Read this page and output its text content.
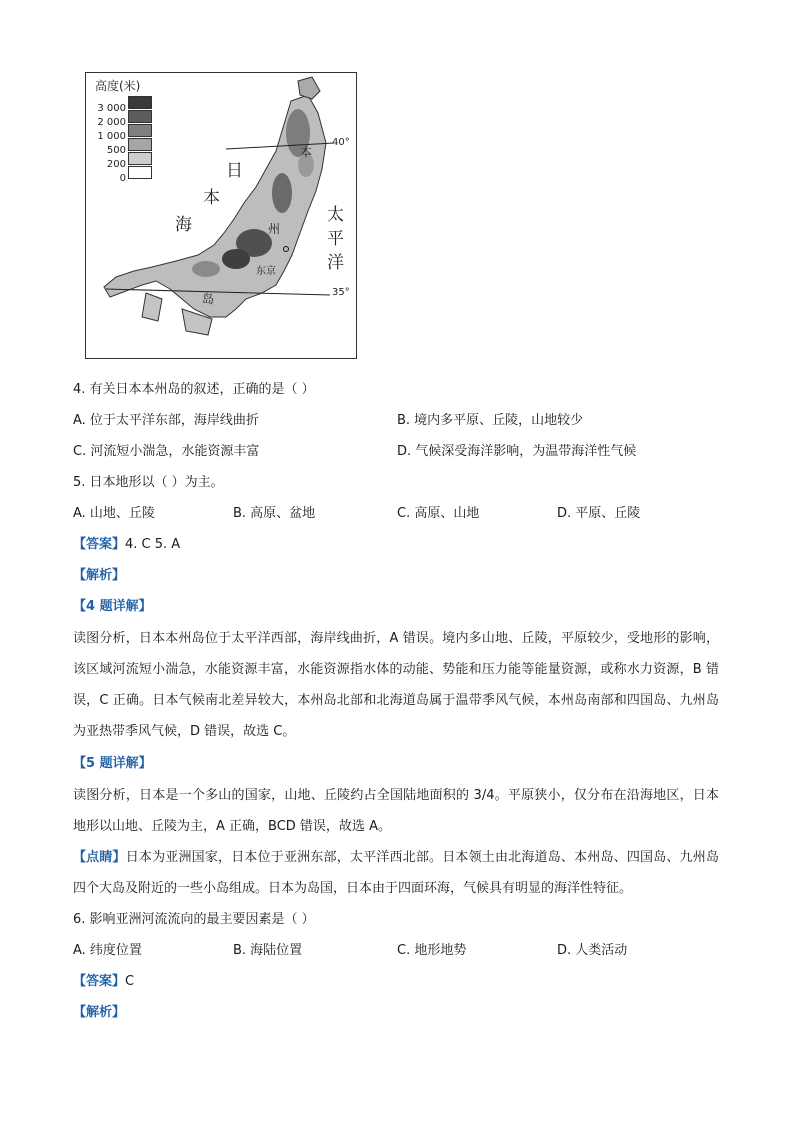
高度(米)
3 000
2 000
1 000
500
200
0	日
本
海	太
平
洋
本
州
岛
东京
40°
35°
4. 有关日本本州岛的叙述，正确的是（ ）
A. 位于太平洋东部，海岸线曲折	B. 境内多平原、丘陵，山地较少
C. 河流短小湍急，水能资源丰富	D. 气候深受海洋影响，为温带海洋性气候
5. 日本地形以（ ）为主。
A. 山地、丘陵	B. 高原、盆地	C. 高原、山地	D. 平原、丘陵
【答案】4. C 5. A
【解析】
【4 题详解】
读图分析，日本本州岛位于太平洋西部，海岸线曲折，A 错误。境内多山地、丘陵，平原较少，受地形的影响，该区域河流短小湍急，水能资源丰富，水能资源指水体的动能、势能和压力能等能量资源，或称水力资源，B 错误，C 正确。日本气候南北差异较大，本州岛北部和北海道岛属于温带季风气候，本州岛南部和四国岛、九州岛为亚热带季风气候，D 错误，故选 C。
【5 题详解】
读图分析，日本是一个多山的国家，山地、丘陵约占全国陆地面积的 3/4。平原狭小，仅分布在沿海地区，日本地形以山地、丘陵为主，A 正确，BCD 错误，故选 A。
【点睛】日本为亚洲国家，日本位于亚洲东部，太平洋西北部。日本领土由北海道岛、本州岛、四国岛、九州岛四个大岛及附近的一些小岛组成。日本为岛国，日本由于四面环海，气候具有明显的海洋性特征。
6. 影响亚洲河流流向的最主要因素是（ ）
A. 纬度位置	B. 海陆位置	C. 地形地势	D. 人类活动
【答案】C
【解析】
